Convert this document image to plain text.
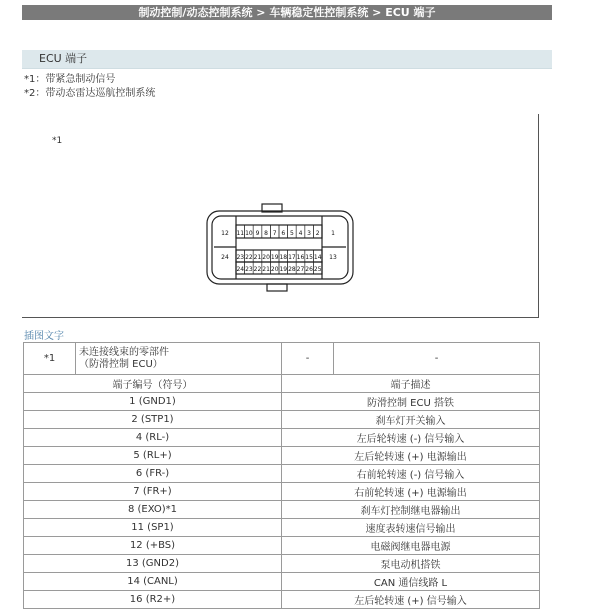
制动控制/动态控制系统 > 车辆稳定性控制系统 > ECU 端子
ECU 端子
*1：带紧急制动信号
*2：带动态雷达巡航控制系统
*1
12
24
1
13
11 10 9 8 7 6 5 4 3 2
23 22 21 20 19 18 17 16 15 14
24 23 22 21 20 19 28 27 26 25
插图文字
*1	未连接线束的零部件
（防滑控制 ECU）	-	-
端子编号（符号）		端子描述	
1 (GND1)		防滑控制 ECU 搭铁	
2 (STP1)		刹车灯开关输入	
4 (RL-)		左后轮转速 (-) 信号输入	
5 (RL+)		左后轮转速 (+) 电源输出	
6 (FR-)		右前轮转速 (-) 信号输入	
7 (FR+)		右前轮转速 (+) 电源输出	
8 (EXO)*1		刹车灯控制继电器输出	
11 (SP1)		速度表转速信号输出	
12 (+BS)		电磁阀继电器电源	
13 (GND2)		泵电动机搭铁	
14 (CANL)		CAN 通信线路 L	
16 (R2+)		左后轮转速 (+) 信号输入	
